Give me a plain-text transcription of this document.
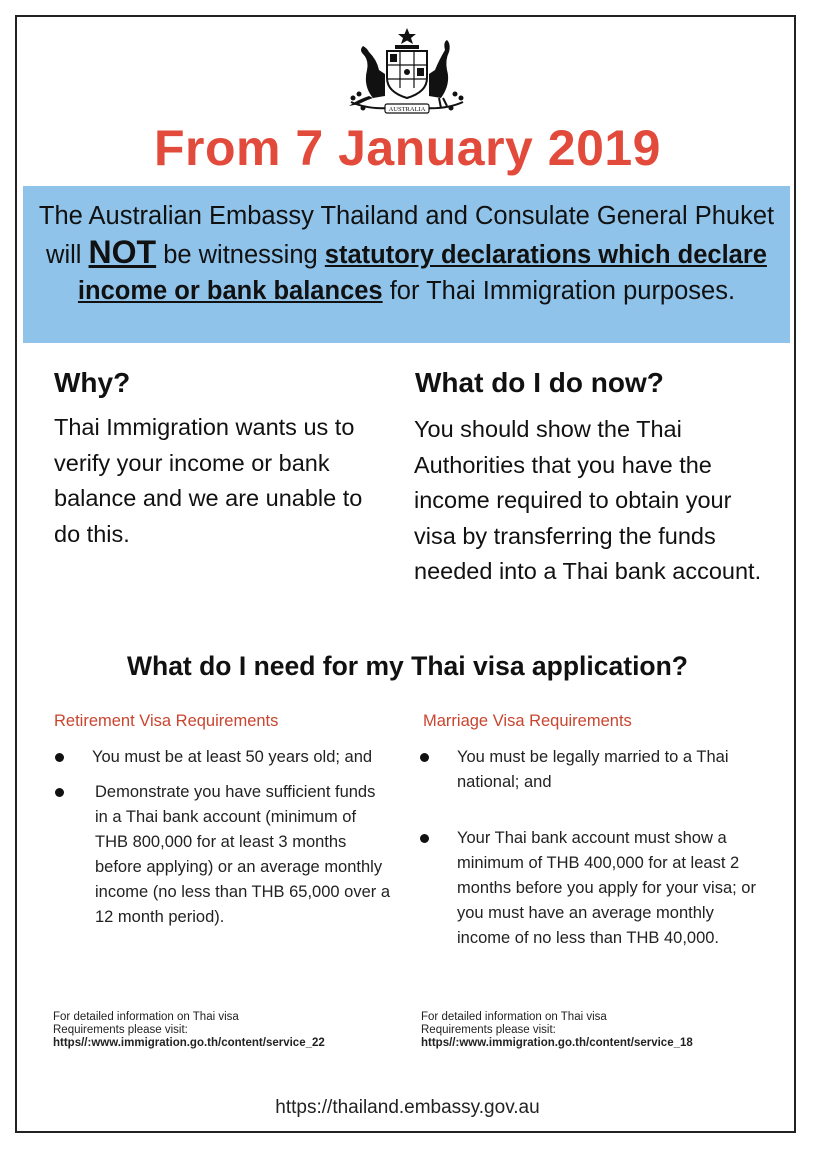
AUSTRALIA
From 7 January 2019
The Australian Embassy Thailand and Consulate General Phuket will NOT be witnessing statutory declarations which declare income or bank balances for Thai Immigration purposes.
Why?
Thai Immigration wants us to verify your income or bank balance and we are unable to do this.
What do I do now?
You should show the Thai Authorities that you have the income required to obtain your visa by transferring the funds needed into a Thai bank account.
What do I need for my Thai visa application?
Retirement Visa Requirements
You must be at least 50 years old; and
Demonstrate you have sufficient funds in a Thai bank account (minimum of THB 800,000 for at least 3 months before applying) or an average monthly income (no less than THB 65,000 over a 12 month period).
Marriage Visa Requirements
You must be legally married to a Thai national; and
Your Thai bank account must show a minimum of THB 400,000 for at least 2 months before you apply for your visa; or you must have an average monthly income of no less than THB 40,000.
For detailed information on Thai visa
Requirements please visit:
https//:www.immigration.go.th/content/service_22
For detailed information on Thai visa
Requirements please visit:
https//:www.immigration.go.th/content/service_18
https://thailand.embassy.gov.au
